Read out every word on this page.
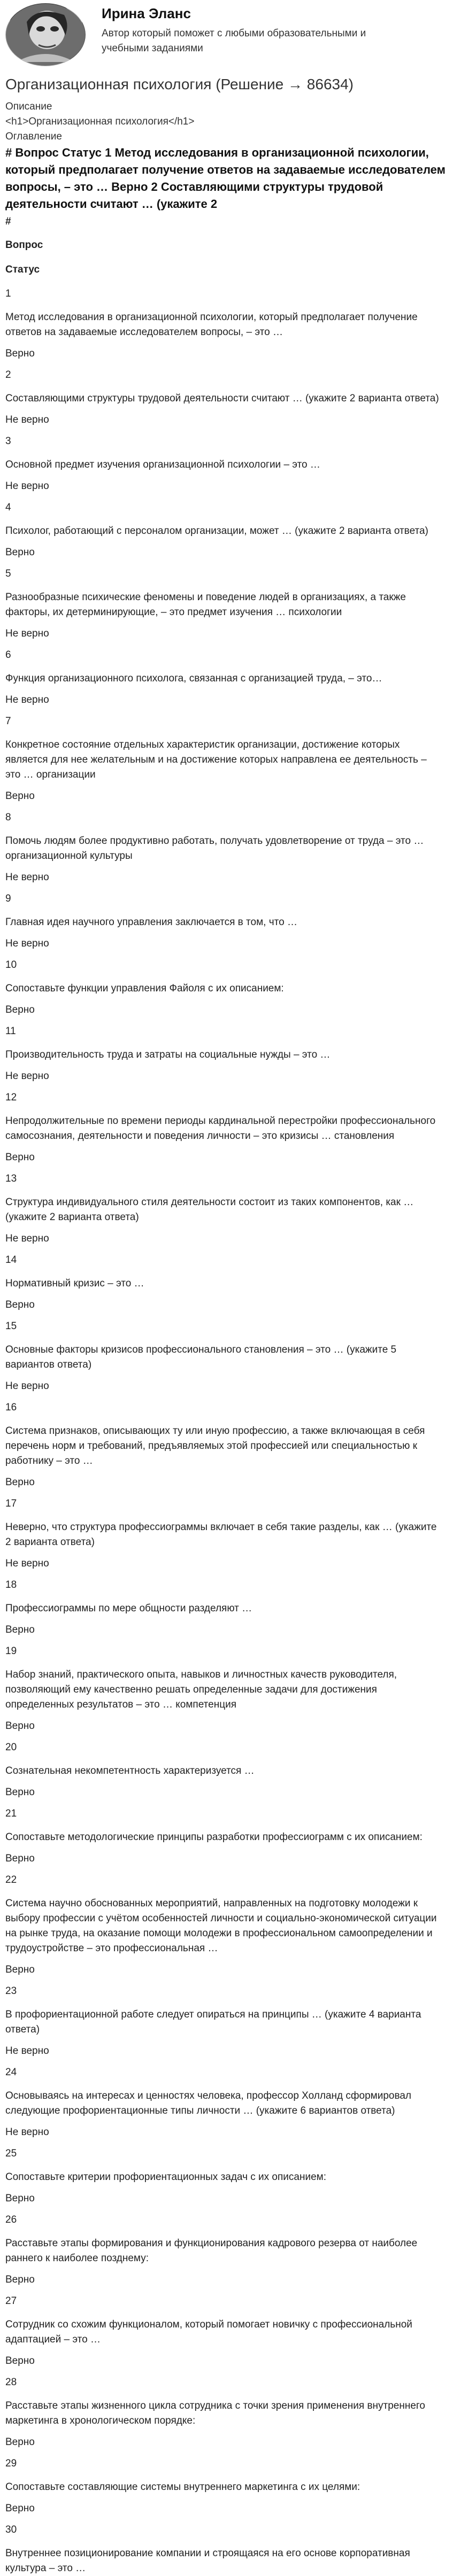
Ирина Эланс
Автор который поможет с любыми образовательными и учебными заданиями
Организационная психология (Решение → 86634)
Описание
<h1>Организационная психология</h1>
Оглавление
# Вопрос Статус 1 Метод исследования в организационной психологии, который предполагает получение ответов на задаваемые исследователем вопросы, – это … Верно 2 Составляющими структуры трудовой деятельности считают … (укажите 2
#
Вопрос
Статус
1
Метод исследования в организационной психологии, который предполагает получение ответов на задаваемые исследователем вопросы, – это …
Верно
2
Составляющими структуры трудовой деятельности считают … (укажите 2 варианта ответа)
Не верно
3
Основной предмет изучения организационной психологии – это …
Не верно
4
Психолог, работающий с персоналом организации, может … (укажите 2 варианта ответа)
Верно
5
Разнообразные психические феномены и поведение людей в организациях, а также факторы, их детерминирующие, – это предмет изучения … психологии
Не верно
6
Функция организационного психолога, связанная с организацией труда, – это…
Не верно
7
Конкретное состояние отдельных характеристик организации, достижение которых является для нее желательным и на достижение которых направлена ее деятельность – это … организации
Верно
8
Помочь людям более продуктивно работать, получать удовлетворение от труда – это … организационной культуры
Не верно
9
Главная идея научного управления заключается в том, что …
Не верно
10
Сопоставьте функции управления Файоля с их описанием:
Верно
11
Производительность труда и затраты на социальные нужды – это …
Не верно
12
Непродолжительные по времени периоды кардинальной перестройки профессионального самосознания, деятельности и поведения личности – это кризисы … становления
Верно
13
Структура индивидуального стиля деятельности состоит из таких компонентов, как … (укажите 2 варианта ответа)
Не верно
14
Нормативный кризис – это …
Верно
15
Основные факторы кризисов профессионального становления – это … (укажите 5 вариантов ответа)
Не верно
16
Система признаков, описывающих ту или иную профессию, а также включающая в себя перечень норм и требований, предъявляемых этой профессией или специальностью к работнику – это …
Верно
17
Неверно, что структура профессиограммы включает в себя такие разделы, как … (укажите 2 варианта ответа)
Не верно
18
Профессиограммы по мере общности разделяют …
Верно
19
Набор знаний, практического опыта, навыков и личностных качеств руководителя, позволяющий ему качественно решать определенные задачи для достижения определенных результатов – это … компетенция
Верно
20
Сознательная некомпетентность характеризуется …
Верно
21
Сопоставьте методологические принципы разработки профессиограмм с их описанием:
Верно
22
Система научно обоснованных мероприятий, направленных на подготовку молодежи к выбору профессии с учётом особенностей личности и социально-экономической ситуации на рынке труда, на оказание помощи молодежи в профессиональном самоопределении и трудоустройстве – это профессиональная …
Верно
23
В профориентационной работе следует опираться на принципы … (укажите 4 варианта ответа)
Не верно
24
Основываясь на интересах и ценностях человека, профессор Холланд сформировал следующие профориентационные типы личности … (укажите 6 вариантов ответа)
Не верно
25
Сопоставьте критерии профориентационных задач с их описанием:
Верно
26
Расставьте этапы формирования и функционирования кадрового резерва от наиболее раннего к наиболее позднему:
Верно
27
Сотрудник со схожим функционалом, который помогает новичку с профессиональной адаптацией – это …
Верно
28
Расставьте этапы жизненного цикла сотрудника с точки зрения применения внутреннего маркетинга в хронологическом порядке:
Верно
29
Сопоставьте составляющие системы внутреннего маркетинга с их целями:
Верно
30
Внутреннее позиционирование компании и строящаяся на его основе корпоративная культура – это …
